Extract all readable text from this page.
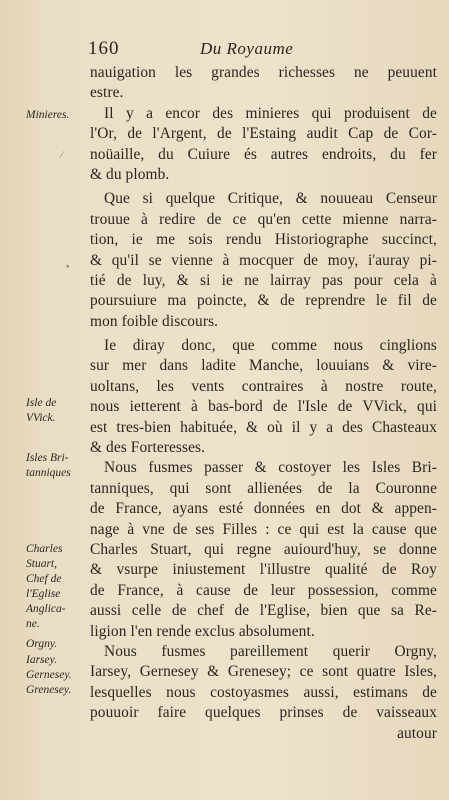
160	Du Royaume
Minieres.
Isle de
VVick.
Isles Bri-
tanniques
Charles
Stuart,
Chef de
l'Eglise
Anglica-
ne.
Orgny.
Iarsey.
Gernesey.
Grenesey.
⁄
•
nauigation les grandes richesses ne peuuent
estre.
Il y a encor des minieres qui produisent de
l'Or, de l'Argent, de l'Estaing audit Cap de Cor-
noüaille, du Cuiure és autres endroits, du fer
& du plomb.
Que si quelque Critique, & nouueau Censeur
trouue à redire de ce qu'en cette mienne narra-
tion, ie me sois rendu Historiographe succinct,
& qu'il se vienne à mocquer de moy, i'auray pi-
tié de luy, & si ie ne lairray pas pour cela à
poursuiure ma poincte, & de reprendre le fil de
mon foible discours.
Ie diray donc, que comme nous cinglions
sur mer dans ladite Manche, louuians & vire-
uoltans, les vents contraires à nostre route,
nous ietterent à bas-bord de l'Isle de VVick, qui
est tres-bien habituée, & où il y a des Chasteaux
& des Forteresses.
Nous fusmes passer & costoyer les Isles Bri-
tanniques, qui sont allienées de la Couronne
de France, ayans esté données en dot & appen-
nage à vne de ses Filles : ce qui est la cause que
Charles Stuart, qui regne auiourd'huy, se donne
& vsurpe iniustement l'illustre qualité de Roy
de France, à cause de leur possession, comme
aussi celle de chef de l'Eglise, bien que sa Re-
ligion l'en rende exclus absolument.
Nous fusmes pareillement querir Orgny,
Iarsey, Gernesey & Grenesey; ce sont quatre Isles,
lesquelles nous costoyasmes aussi, estimans de
pouuoir faire quelques prinses de vaisseaux
autour
